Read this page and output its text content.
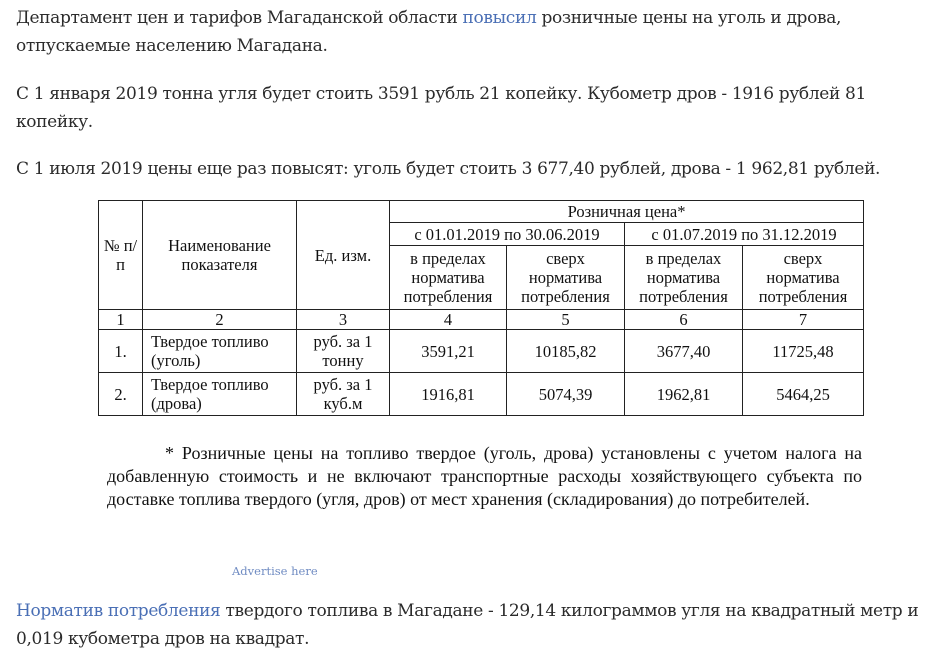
Департамент цен и тарифов Магаданской области повысил розничные цены на уголь и дрова, отпускаемые населению Магадана.

С 1 января 2019 тонна угля будет стоить 3591 рубль 21 копейку. Кубометр дров - 1916 рублей 81 копейку.

С 1 июля 2019 цены еще раз повысят: уголь будет стоить 3 677,40 рублей, дрова - 1 962,81 рублей.

№ п/п	Наименование показателя	Ед. изм.	Розничная цена*			
			с 01.01.2019 по 30.06.2019		с 01.07.2019 по 31.12.2019	
			в пределах норматива потребления	сверх норматива потребления	в пределах норматива потребления	сверх норматива потребления
1	2	3	4	5	6	7
1.	Твердое топливо (уголь)	руб. за 1 тонну	3591,21	10185,82	3677,40	11725,48
2.	Твердое топливо (дрова)	руб. за 1 куб.м	1916,81	5074,39	1962,81	5464,25

* Розничные цены на топливо твердое (уголь, дрова) установлены с учетом налога на добавленную стоимость и не включают транспортные расходы хозяйствующего субъекта по доставке топлива твердого (угля, дров) от мест хранения (складирования) до потребителей.

Advertise here

Норматив потребления твердого топлива в Магадане - 129,14 килограммов угля на квадратный метр и 0,019 кубометра дров на квадрат.
